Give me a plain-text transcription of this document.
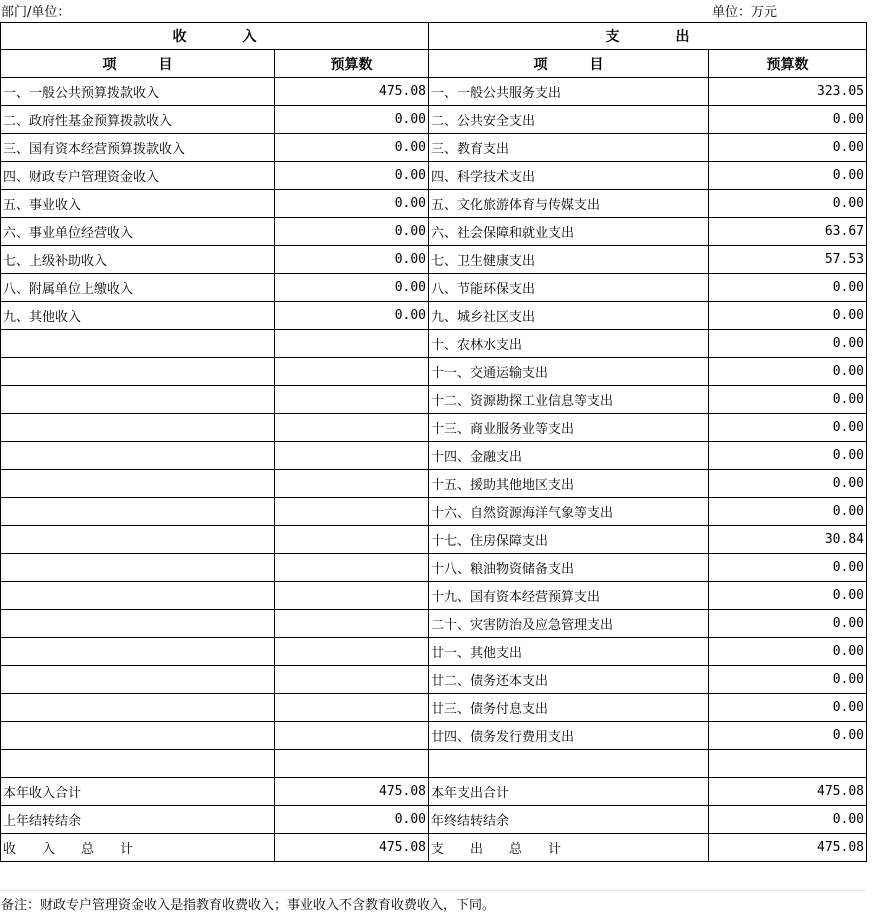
部门/单位：	单位：万元
收　　　　入		支　　　　出	
项　　　目	预算数	项　　　目	预算数
一、一般公共预算拨款收入	475.08	一、一般公共服务支出	323.05
二、政府性基金预算拨款收入	0.00	二、公共安全支出	0.00
三、国有资本经营预算拨款收入	0.00	三、教育支出	0.00
四、财政专户管理资金收入	0.00	四、科学技术支出	0.00
五、事业收入	0.00	五、文化旅游体育与传媒支出	0.00
六、事业单位经营收入	0.00	六、社会保障和就业支出	63.67
七、上级补助收入	0.00	七、卫生健康支出	57.53
八、附属单位上缴收入	0.00	八、节能环保支出	0.00
九、其他收入	0.00	九、城乡社区支出	0.00
		十、农林水支出	0.00
		十一、交通运输支出	0.00
		十二、资源勘探工业信息等支出	0.00
		十三、商业服务业等支出	0.00
		十四、金融支出	0.00
		十五、援助其他地区支出	0.00
		十六、自然资源海洋气象等支出	0.00
		十七、住房保障支出	30.84
		十八、粮油物资储备支出	0.00
		十九、国有资本经营预算支出	0.00
		二十、灾害防治及应急管理支出	0.00
		廿一、其他支出	0.00
		廿二、债务还本支出	0.00
		廿三、债务付息支出	0.00
		廿四、债务发行费用支出	0.00

本年收入合计	475.08	本年支出合计	475.08
上年结转结余	0.00	年终结转结余	0.00
收　　入　　总　　计	475.08	支　　出　　总　　计	475.08
备注：财政专户管理资金收入是指教育收费收入；事业收入不含教育收费收入，下同。
